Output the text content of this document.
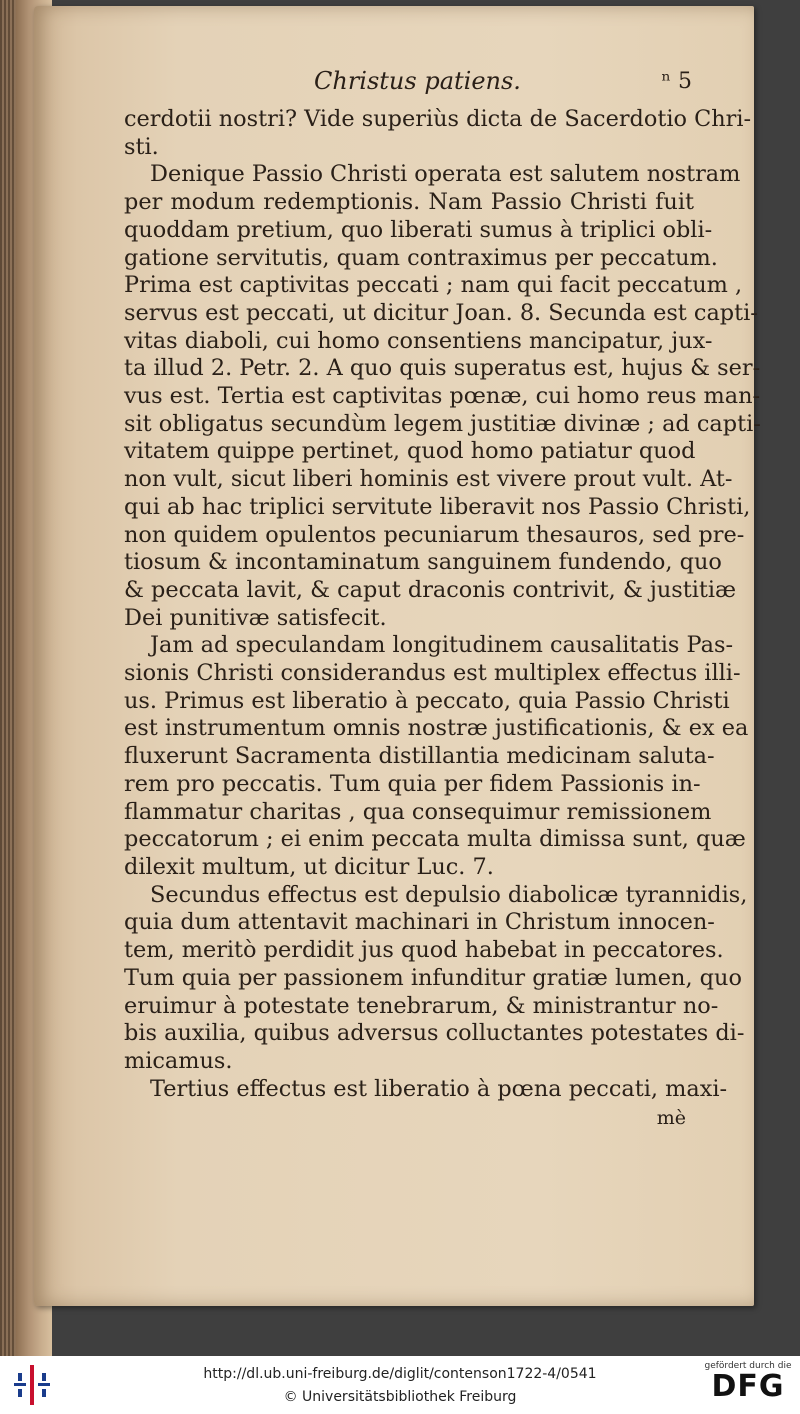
Christus patiens.	ⁿ 5
cerdotii nostri? Vide superiùs dicta de Sacerdotio Chri-
sti.
Denique Passio Christi operata est salutem nostram
per modum redemptionis. Nam Passio Christi fuit
quoddam pretium, quo liberati sumus à triplici obli-
gatione servitutis, quam contraximus per peccatum.
Prima est captivitas peccati ; nam qui facit peccatum ,
servus est peccati, ut dicitur Joan. 8. Secunda est capti-
vitas diaboli, cui homo consentiens mancipatur, jux-
ta illud 2. Petr. 2. A quo quis superatus est, hujus & ser-
vus est. Tertia est captivitas pœnæ, cui homo reus man-
sit obligatus secundùm legem justitiæ divinæ ; ad capti-
vitatem quippe pertinet, quod homo patiatur quod
non vult, sicut liberi hominis est vivere prout vult. At-
qui ab hac triplici servitute liberavit nos Passio Christi,
non quidem opulentos pecuniarum thesauros, sed pre-
tiosum & incontaminatum sanguinem fundendo, quo
& peccata lavit, & caput draconis contrivit, & justitiæ
Dei punitivæ satisfecit.
Jam ad speculandam longitudinem causalitatis Pas-
sionis Christi considerandus est multiplex effectus illi-
us. Primus est liberatio à peccato, quia Passio Christi
est instrumentum omnis nostræ justificationis, & ex ea
fluxerunt Sacramenta distillantia medicinam saluta-
rem pro peccatis. Tum quia per fidem Passionis in-
flammatur charitas , qua consequimur remissionem
peccatorum ; ei enim peccata multa dimissa sunt, quæ
dilexit multum, ut dicitur Luc. 7.
Secundus effectus est depulsio diabolicæ tyrannidis,
quia dum attentavit machinari in Christum innocen-
tem, meritò perdidit jus quod habebat in peccatores.
Tum quia per passionem infunditur gratiæ lumen, quo
eruimur à potestate tenebrarum, & ministrantur no-
bis auxilia, quibus adversus colluctantes potestates di-
micamus.
Tertius effectus est liberatio à pœna peccati, maxi-
mè
http://dl.ub.uni-freiburg.de/diglit/contenson1722-4/0541
© Universitätsbibliothek Freiburg
gefördert durch die
DFG
